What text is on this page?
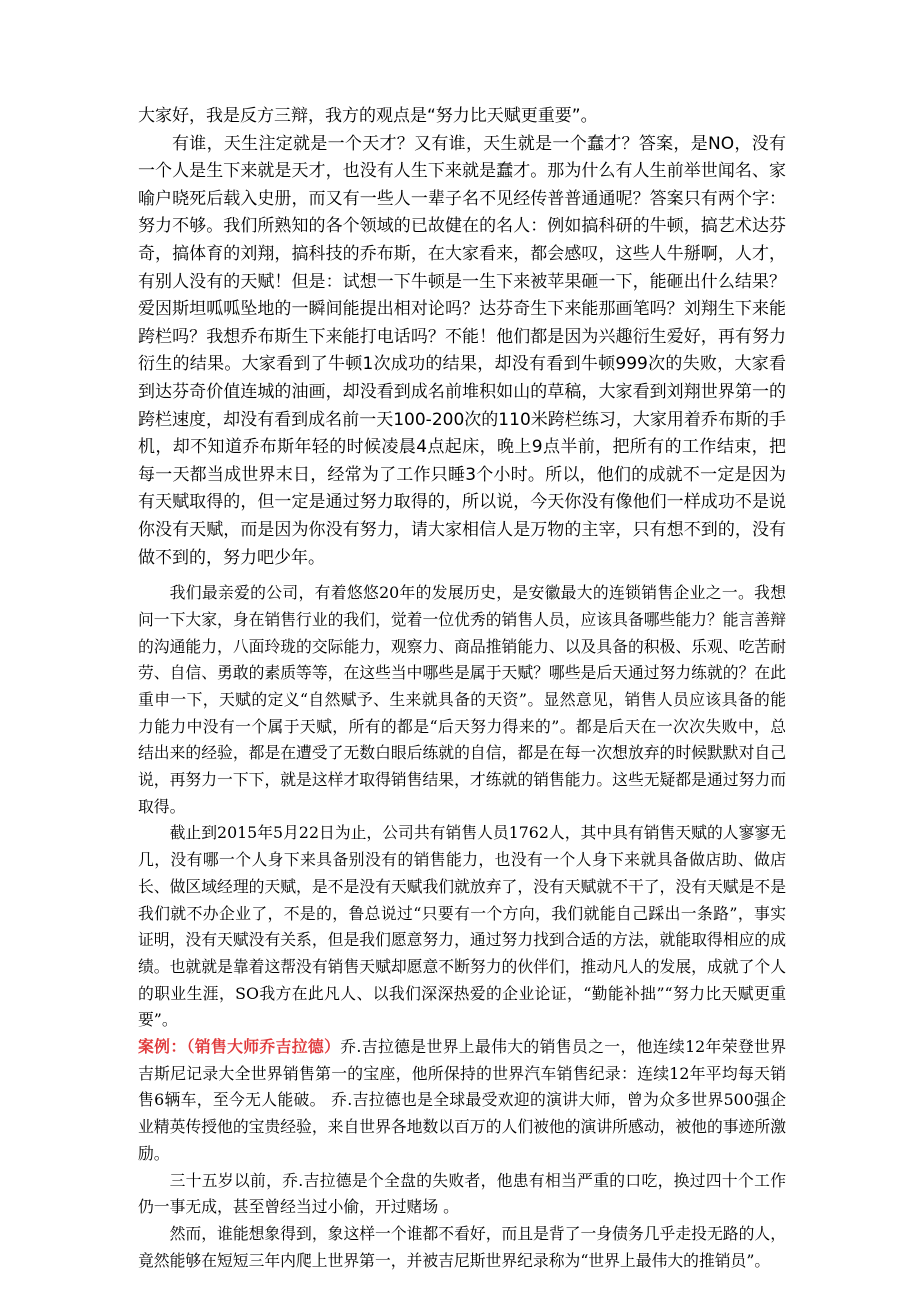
大家好，我是反方三辩，我方的观点是“努力比天赋更重要”。

有谁，天生注定就是一个天才？又有谁，天生就是一个蠢才？答案，是NO，没有一个人是生下来就是天才，也没有人生下来就是蠢才。那为什么有人生前举世闻名、家喻户晓死后载入史册，而又有一些人一辈子名不见经传普普通通呢？答案只有两个字：努力不够。我们所熟知的各个领域的已故健在的名人：例如搞科研的牛顿，搞艺术达芬奇，搞体育的刘翔，搞科技的乔布斯，在大家看来，都会感叹，这些人牛掰啊，人才，有别人没有的天赋！但是：试想一下牛顿是一生下来被苹果砸一下，能砸出什么结果？爱因斯坦呱呱坠地的一瞬间能提出相对论吗？达芬奇生下来能那画笔吗？刘翔生下来能跨栏吗？我想乔布斯生下来能打电话吗？不能！他们都是因为兴趣衍生爱好，再有努力衍生的结果。大家看到了牛顿1次成功的结果，却没有看到牛顿999次的失败，大家看到达芬奇价值连城的油画，却没看到成名前堆积如山的草稿，大家看到刘翔世界第一的跨栏速度，却没有看到成名前一天100-200次的110米跨栏练习，大家用着乔布斯的手机，却不知道乔布斯年轻的时候凌晨4点起床，晚上9点半前，把所有的工作结束，把每一天都当成世界末日，经常为了工作只睡3个小时。所以，他们的成就不一定是因为有天赋取得的，但一定是通过努力取得的，所以说，今天你没有像他们一样成功不是说你没有天赋，而是因为你没有努力，请大家相信人是万物的主宰，只有想不到的，没有做不到的，努力吧少年。

我们最亲爱的公司，有着悠悠20年的发展历史，是安徽最大的连锁销售企业之一。我想问一下大家，身在销售行业的我们，觉着一位优秀的销售人员，应该具备哪些能力？能言善辩的沟通能力，八面玲珑的交际能力，观察力、商品推销能力、以及具备的积极、乐观、吃苦耐劳、自信、勇敢的素质等等，在这些当中哪些是属于天赋？哪些是后天通过努力练就的？在此重申一下，天赋的定义“自然赋予、生来就具备的天资”。显然意见，销售人员应该具备的能力能力中没有一个属于天赋，所有的都是“后天努力得来的”。都是后天在一次次失败中，总结出来的经验，都是在遭受了无数白眼后练就的自信，都是在每一次想放弃的时候默默对自己说，再努力一下下，就是这样才取得销售结果，才练就的销售能力。这些无疑都是通过努力而取得。

截止到2015年5月22日为止，公司共有销售人员1762人，其中具有销售天赋的人寥寥无几，没有哪一个人身下来具备别没有的销售能力，也没有一个人身下来就具备做店助、做店长、做区域经理的天赋，是不是没有天赋我们就放弃了，没有天赋就不干了，没有天赋是不是我们就不办企业了，不是的，鲁总说过“只要有一个方向，我们就能自己踩出一条路”，事实证明，没有天赋没有关系，但是我们愿意努力，通过努力找到合适的方法，就能取得相应的成绩。也就就是靠着这帮没有销售天赋却愿意不断努力的伙伴们，推动凡人的发展，成就了个人的职业生涯，SO我方在此凡人、以我们深深热爱的企业论证，“勤能补拙”“努力比天赋更重要”。

案例：（销售大师乔吉拉德）乔.吉拉德是世界上最伟大的销售员之一，他连续12年荣登世界吉斯尼记录大全世界销售第一的宝座，他所保持的世界汽车销售纪录：连续12年平均每天销售6辆车，至今无人能破。 乔.吉拉德也是全球最受欢迎的演讲大师，曾为众多世界500强企业精英传授他的宝贵经验，来自世界各地数以百万的人们被他的演讲所感动，被他的事迹所激励。

三十五岁以前，乔.吉拉德是个全盘的失败者，他患有相当严重的口吃，换过四十个工作仍一事无成，甚至曾经当过小偷，开过赌场 。

然而，谁能想象得到，象这样一个谁都不看好，而且是背了一身债务几乎走投无路的人，竟然能够在短短三年内爬上世界第一，并被吉尼斯世界纪录称为“世界上最伟大的推销员”。
